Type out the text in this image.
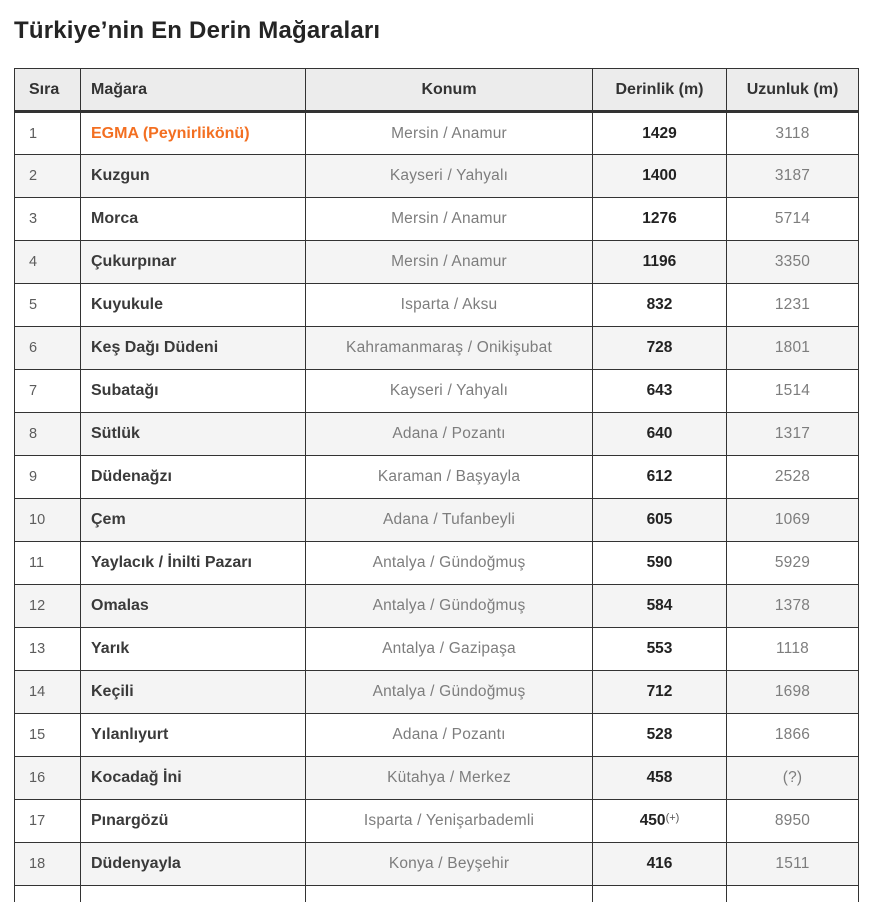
Türkiye’nin En Derin Mağaraları
Sıra	Mağara	Konum	Derinlik (m)	Uzunluk (m)
1	EGMA (Peynirlikönü)	Mersin / Anamur	1429	3118
2	Kuzgun	Kayseri / Yahyalı	1400	3187
3	Morca	Mersin / Anamur	1276	5714
4	Çukurpınar	Mersin / Anamur	1196	3350
5	Kuyukule	Isparta / Aksu	832	1231
6	Keş Dağı Düdeni	Kahramanmaraş / Onikişubat	728	1801
7	Subatağı	Kayseri / Yahyalı	643	1514
8	Sütlük	Adana / Pozantı	640	1317
9	Düdenağzı	Karaman / Başyayla	612	2528
10	Çem	Adana / Tufanbeyli	605	1069
11	Yaylacık / İnilti Pazarı	Antalya / Gündoğmuş	590	5929
12	Omalas	Antalya / Gündoğmuş	584	1378
13	Yarık	Antalya / Gazipaşa	553	1118
14	Keçili	Antalya / Gündoğmuş	712	1698
15	Yılanlıyurt	Adana / Pozantı	528	1866
16	Kocadağ İni	Kütahya / Merkez	458	(?)
17	Pınargözü	Isparta / Yenişarbademli	450(+)	8950
18	Düdenyayla	Konya / Beyşehir	416	1511
